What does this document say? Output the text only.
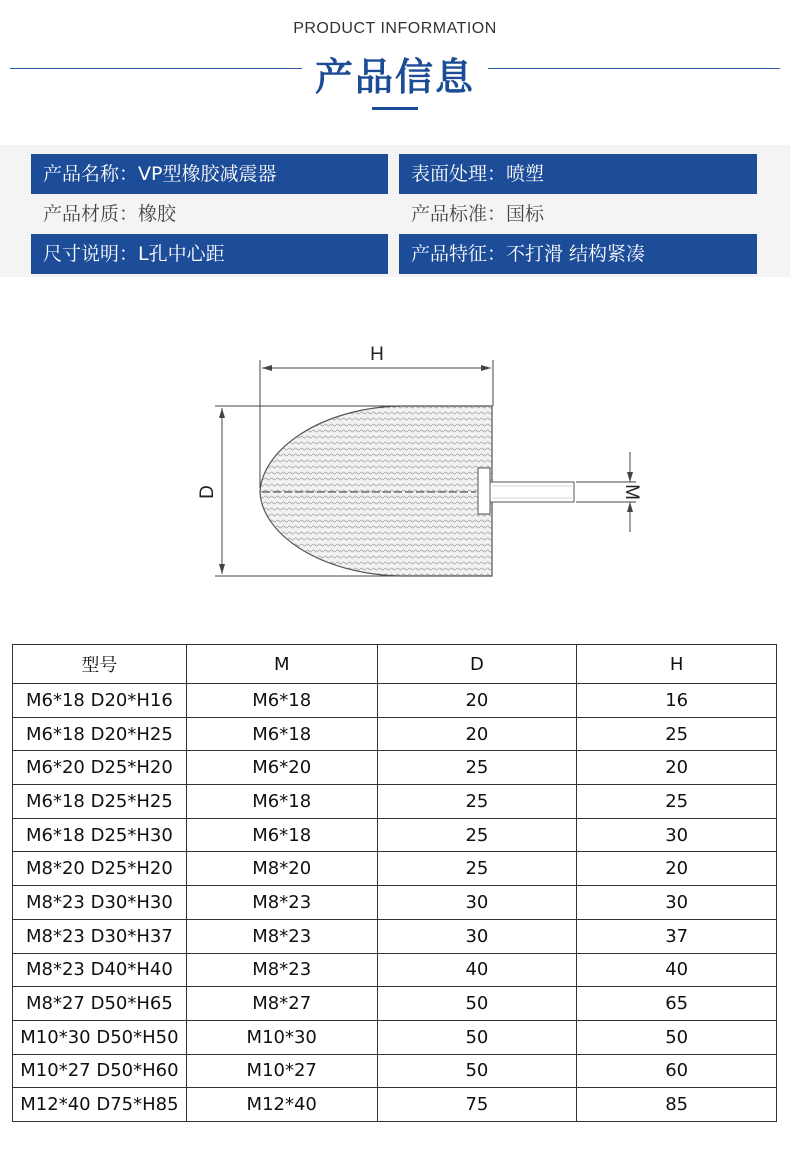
PRODUCT INFORMATION
产品信息
产品名称：VP型橡胶减震器	表面处理：喷塑
产品材质：橡胶	产品标准：国标
尺寸说明：L孔中心距	产品特征：不打滑 结构紧凑
H
D	M
型号	M	D	H
M6*18 D20*H16	M6*18	20	16
M6*18 D20*H25	M6*18	20	25
M6*20 D25*H20	M6*20	25	20
M6*18 D25*H25	M6*18	25	25
M6*18 D25*H30	M6*18	25	30
M8*20 D25*H20	M8*20	25	20
M8*23 D30*H30	M8*23	30	30
M8*23 D30*H37	M8*23	30	37
M8*23 D40*H40	M8*23	40	40
M8*27 D50*H65	M8*27	50	65
M10*30 D50*H50	M10*30	50	50
M10*27 D50*H60	M10*27	50	60
M12*40 D75*H85	M12*40	75	85
